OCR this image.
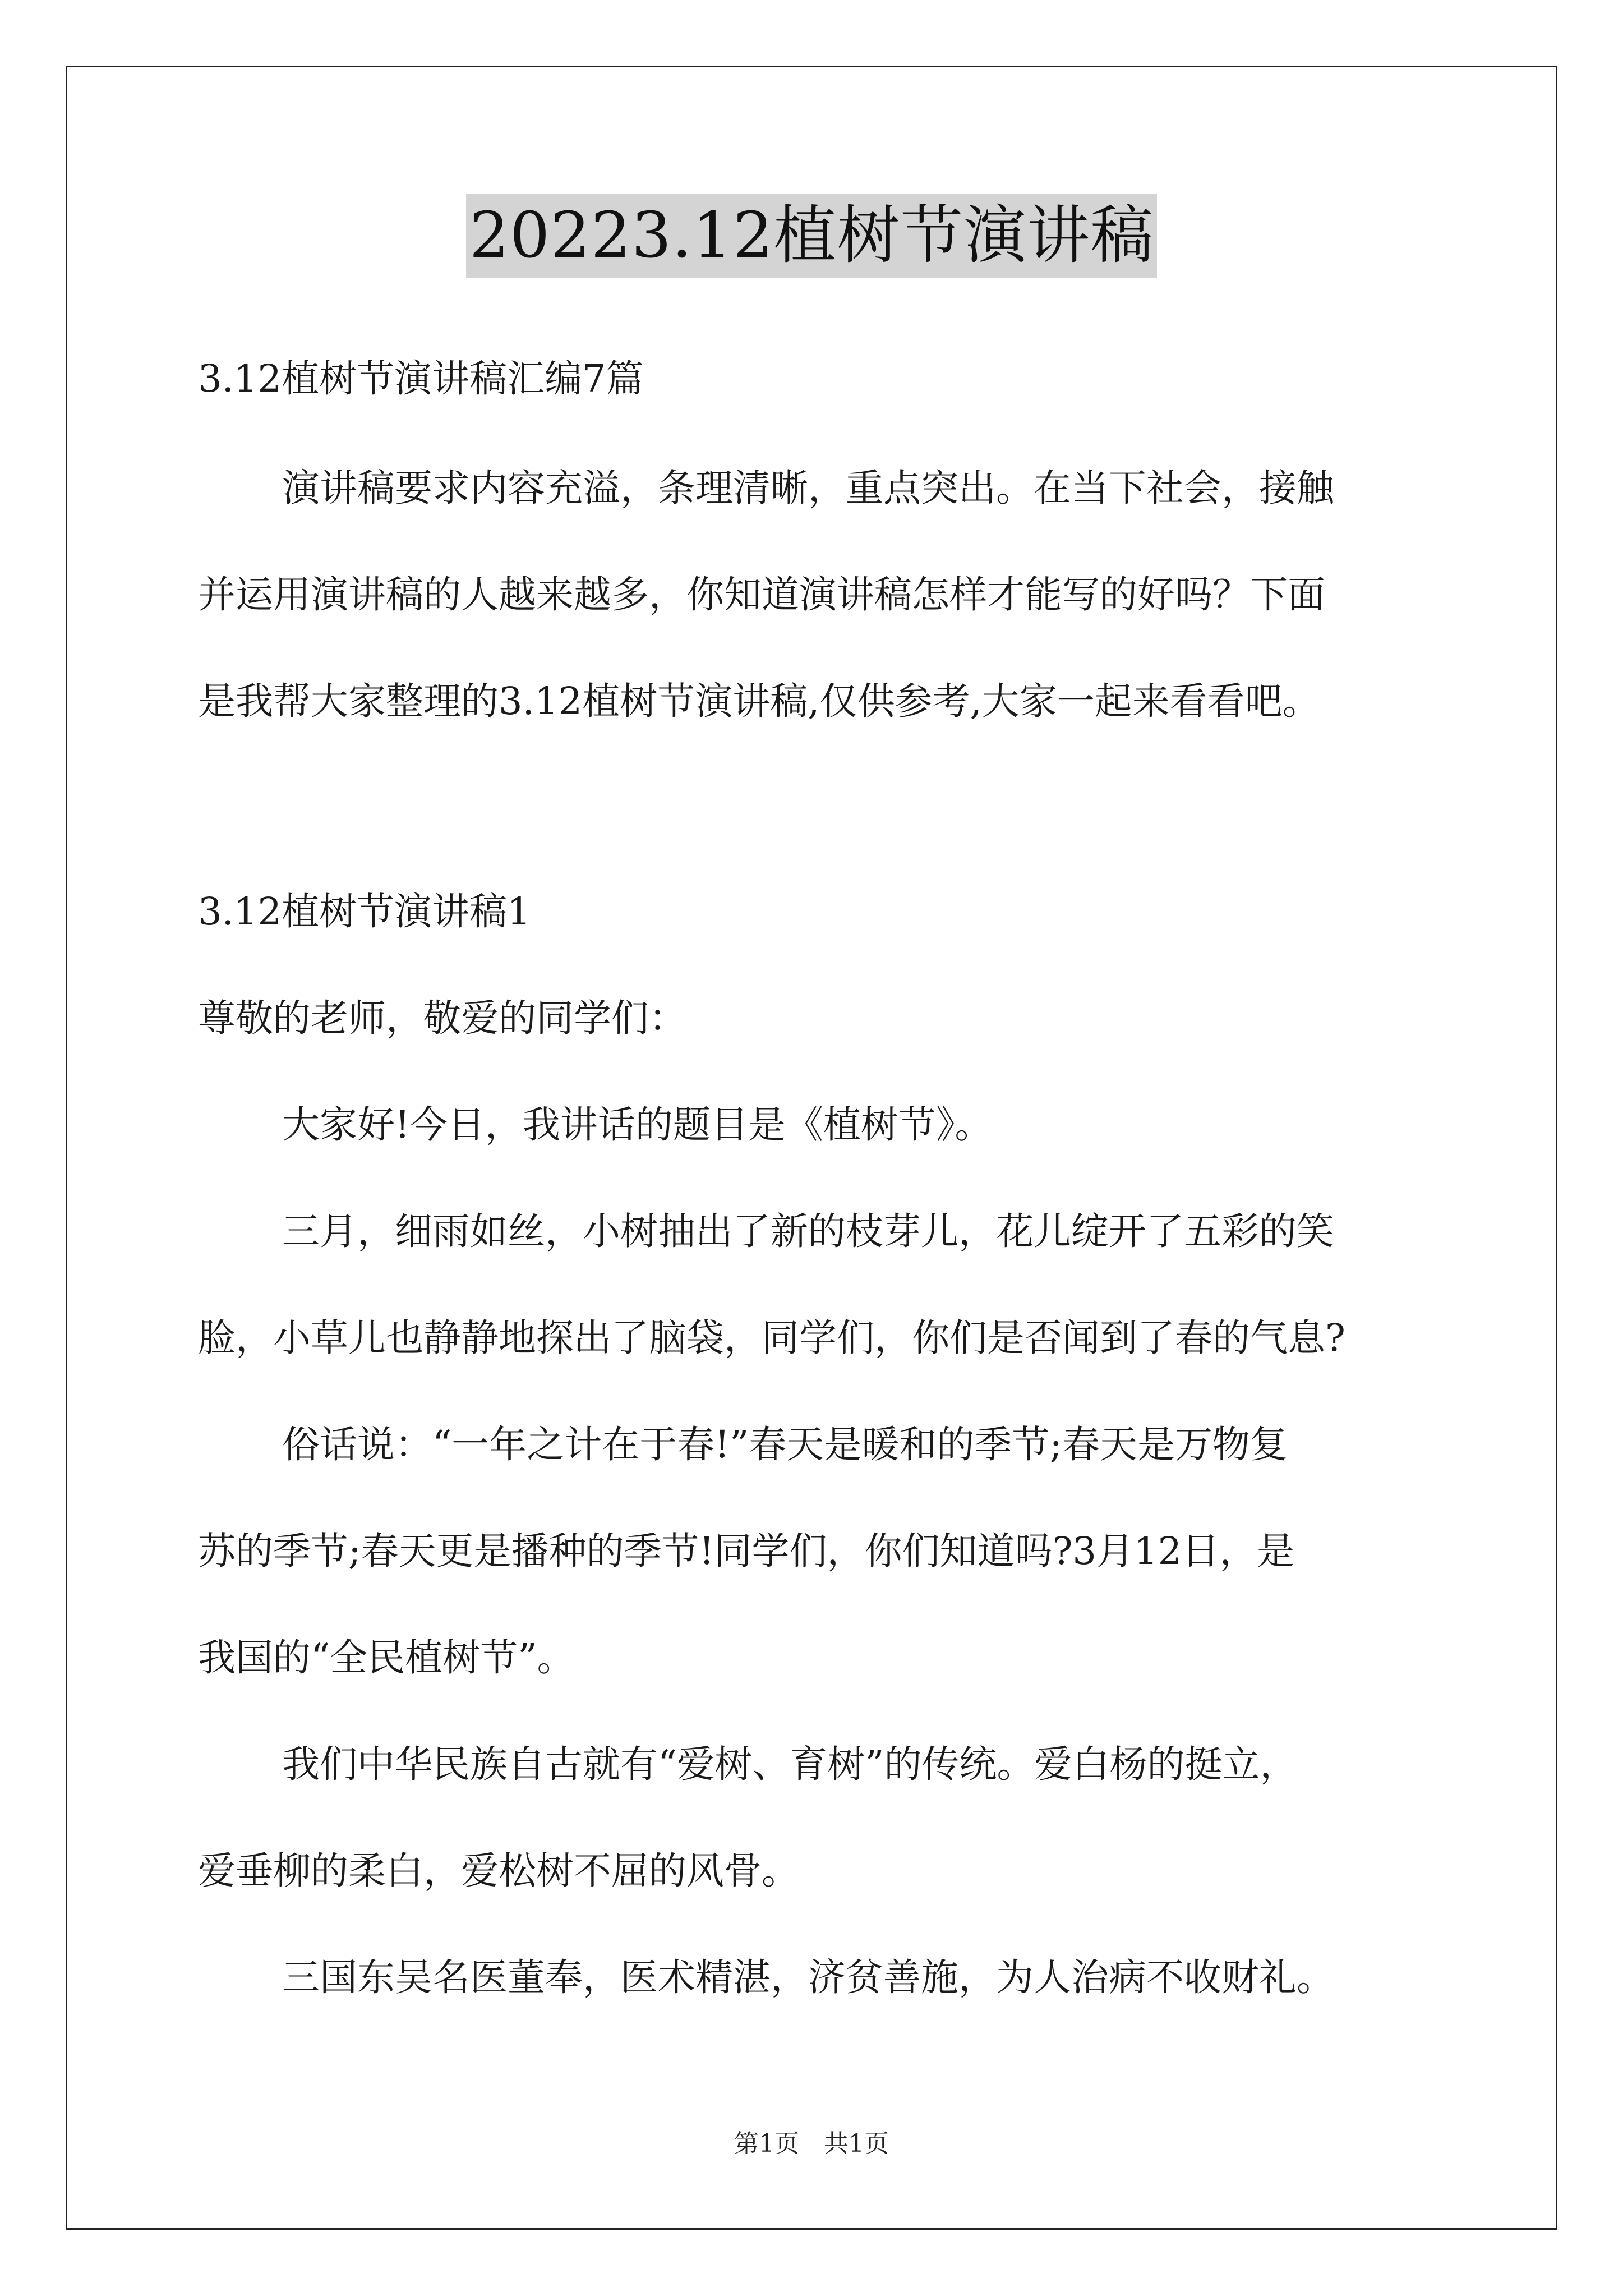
20223.12植树节演讲稿
3.12植树节演讲稿汇编7篇
演讲稿要求内容充溢，条理清晰，重点突出。在当下社会，接触
并运用演讲稿的人越来越多，你知道演讲稿怎样才能写的好吗？下面
是我帮大家整理的3.12植树节演讲稿,仅供参考,大家一起来看看吧。
3.12植树节演讲稿1
尊敬的老师，敬爱的同学们：
大家好!今日，我讲话的题目是《植树节》。
三月，细雨如丝，小树抽出了新的枝芽儿，花儿绽开了五彩的笑
脸，小草儿也静静地探出了脑袋，同学们，你们是否闻到了春的气息?
俗话说：“一年之计在于春!”春天是暖和的季节;春天是万物复
苏的季节;春天更是播种的季节!同学们，你们知道吗?3月12日，是
我国的“全民植树节”。
我们中华民族自古就有“爱树、育树”的传统。爱白杨的挺立，
爱垂柳的柔白，爱松树不屈的风骨。
三国东吴名医董奉，医术精湛，济贫善施，为人治病不收财礼。
第1页 共1页
